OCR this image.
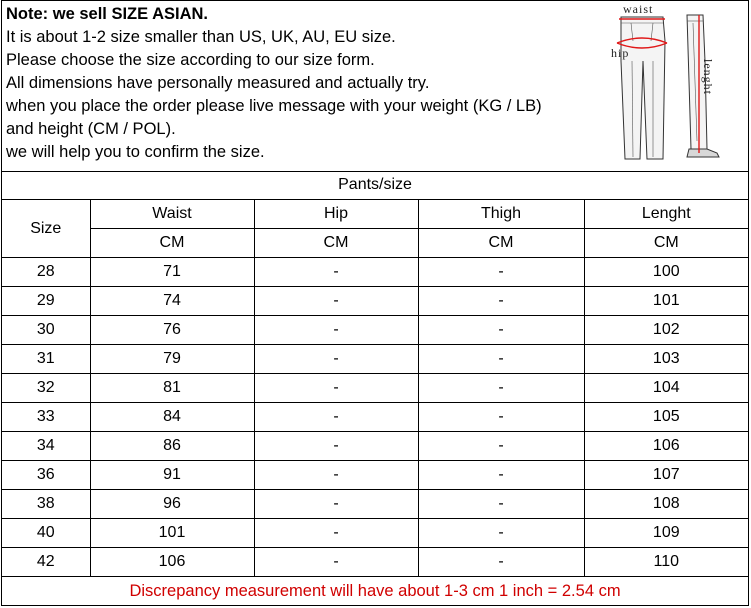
Note: we sell SIZE ASIAN.
It is about 1-2 size smaller than US, UK, AU, EU size.
Please choose the size according to our size form.
All dimensions have personally measured and actually try.
when you place the order please live message with your weight (KG / LB)
and height (CM / POL).
we will help you to confirm the size.
waist
hip
lenght
Pants/size				
Size	Waist	Hip	Thigh	Lenght
	CM	CM	CM	CM
28	71	-	-	100
29	74	-	-	101
30	76	-	-	102
31	79	-	-	103
32	81	-	-	104
33	84	-	-	105
34	86	-	-	106
36	91	-	-	107
38	96	-	-	108
40	101	-	-	109
42	106	-	-	110
Discrepancy measurement will have about 1-3 cm 1 inch = 2.54 cm				
